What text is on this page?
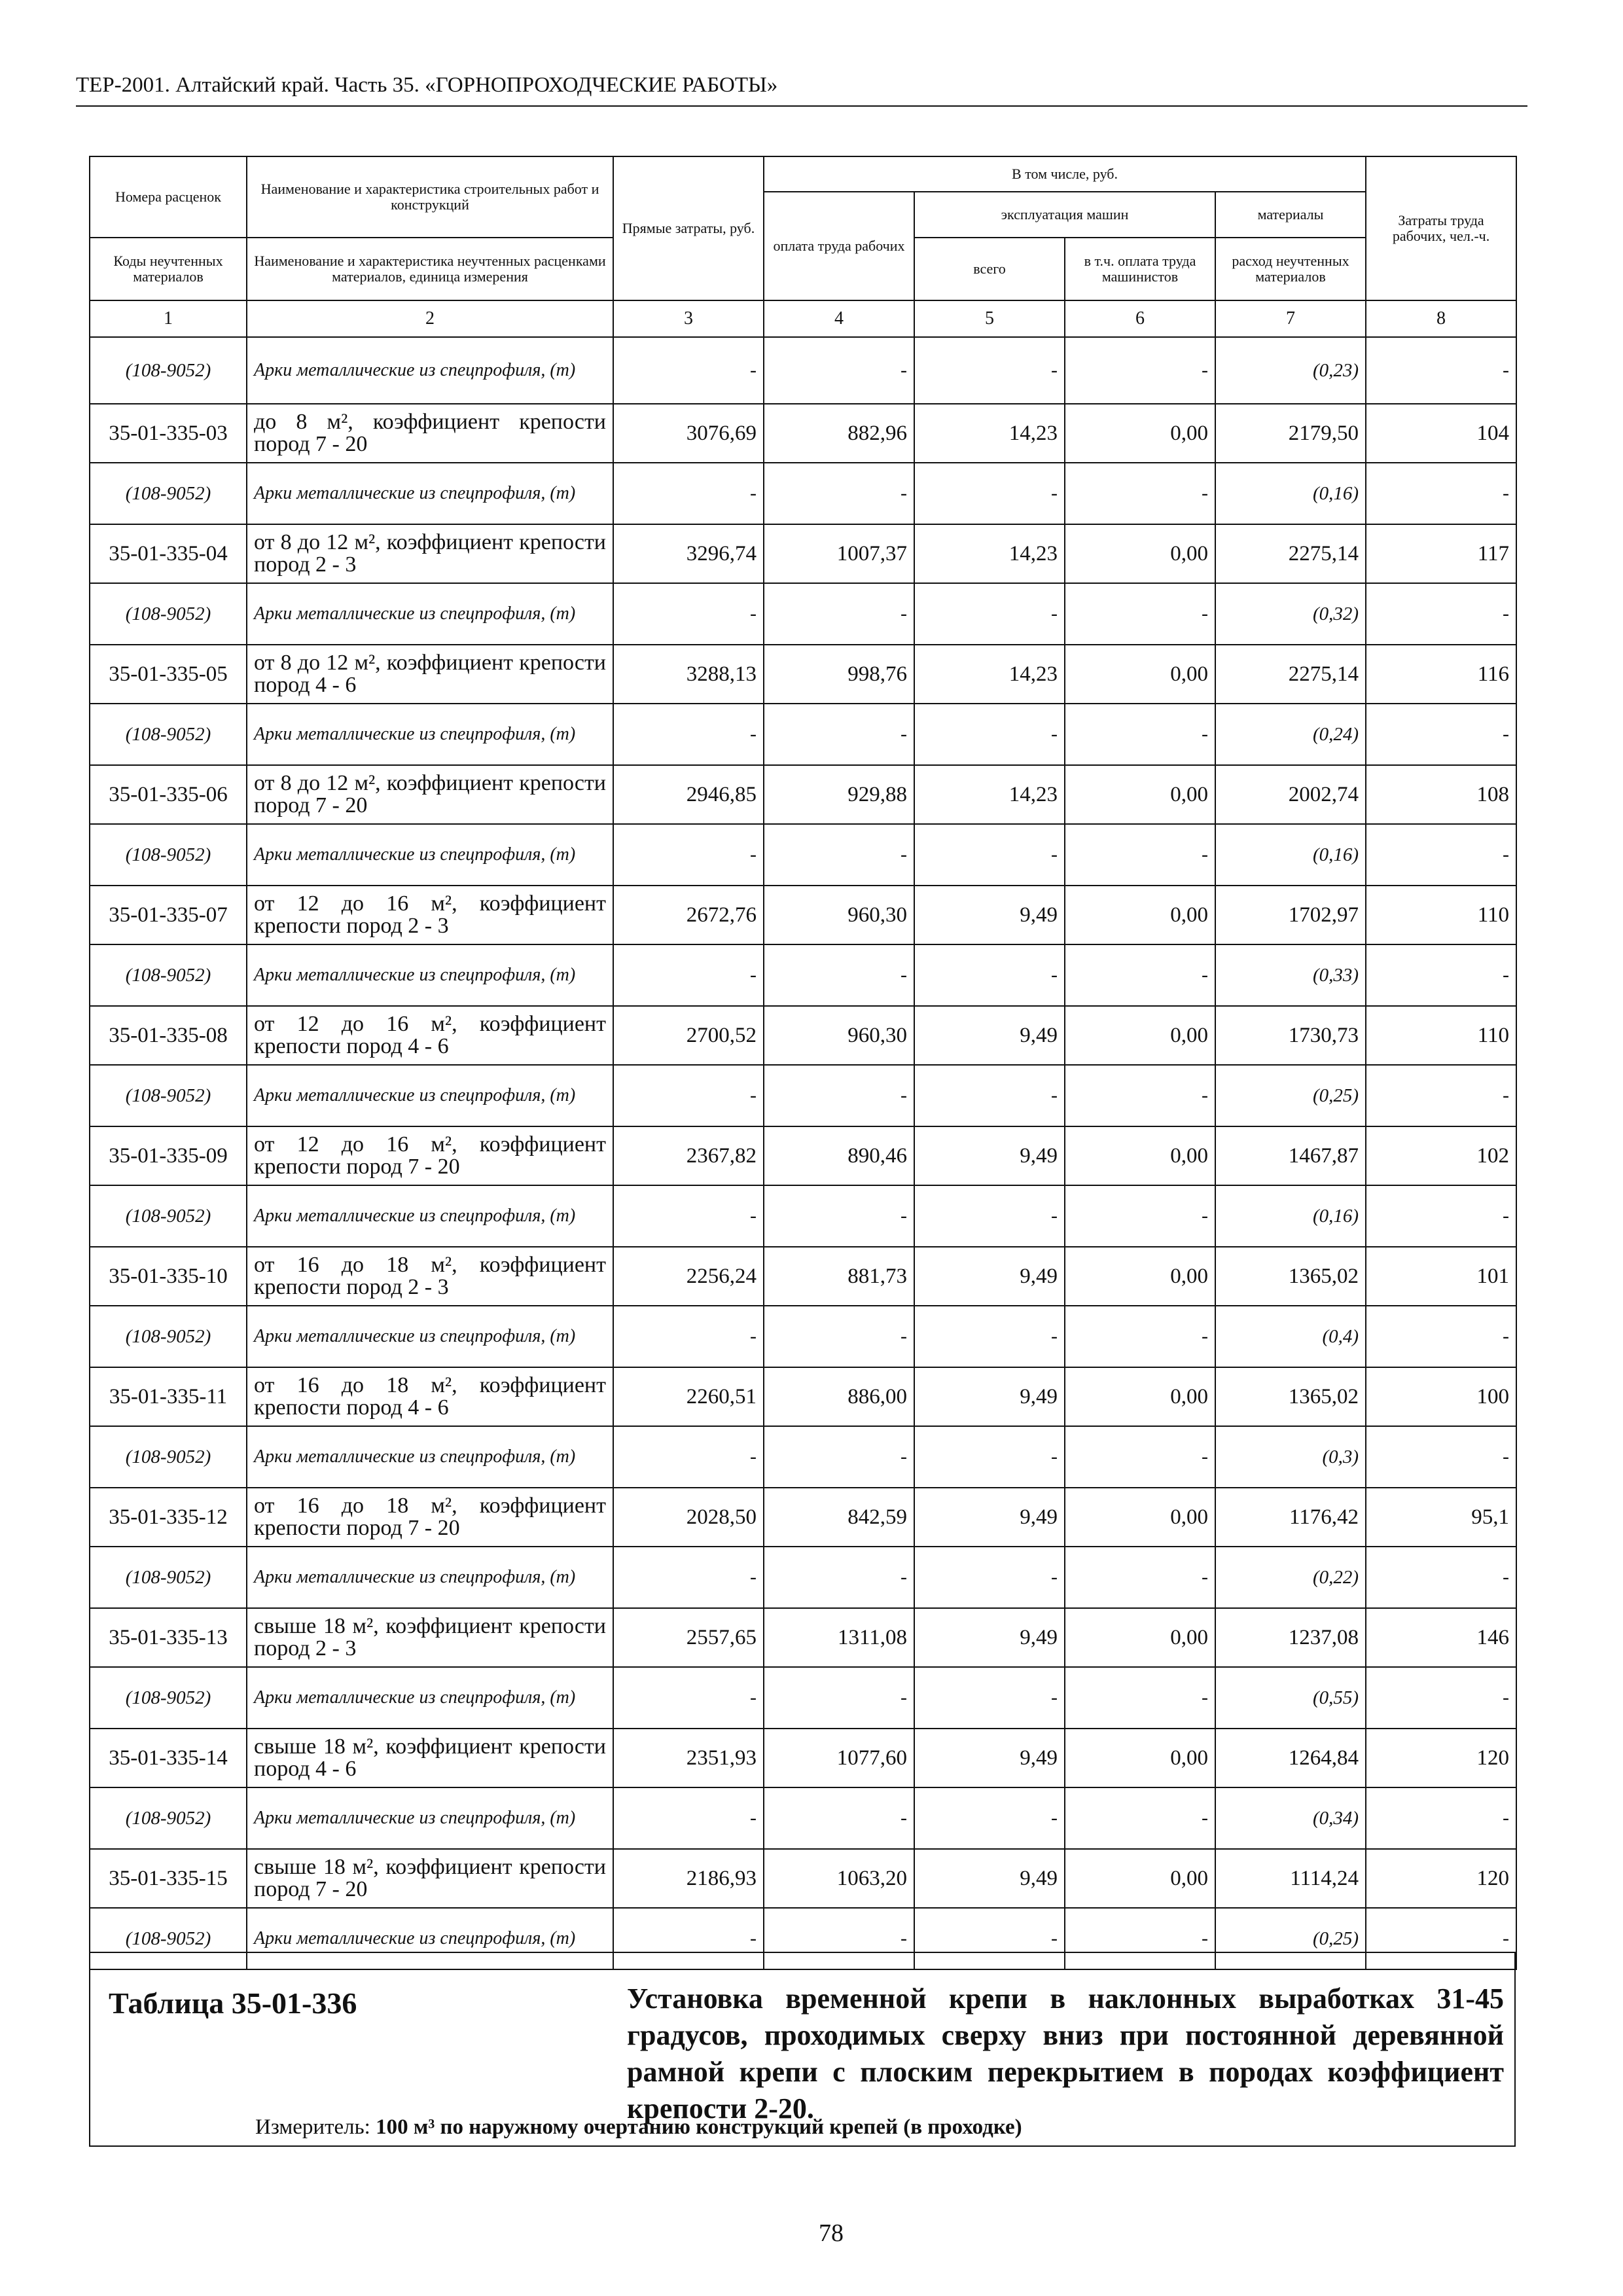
ТЕР-2001. Алтайский край. Часть 35. «ГОРНОПРОХОДЧЕСКИЕ РАБОТЫ»
Номера расценок	Наименование и характеристика строительных работ и конструкций	Прямые затраты, руб.	В том числе, руб.				Затраты труда рабочих, чел.-ч.
			оплата труда рабочих	эксплуатация машин		материалы	
Коды неучтенных материалов	Наименование и характеристика неучтенных расценками материалов, единица измерения			всего	в т.ч. оплата труда машинистов	расход неучтенных материалов	
1	2	3	4	5	6	7	8
(108-9052)	Арки металлические из спецпрофиля, (т)	-	-	-	-	(0,23)	-
35-01-335-03	до 8 м², коэффициент крепости пород 7 - 20	3076,69	882,96	14,23	0,00	2179,50	104
(108-9052)	Арки металлические из спецпрофиля, (т)	-	-	-	-	(0,16)	-
35-01-335-04	от 8 до 12 м², коэффициент крепости пород 2 - 3	3296,74	1007,37	14,23	0,00	2275,14	117
(108-9052)	Арки металлические из спецпрофиля, (т)	-	-	-	-	(0,32)	-
35-01-335-05	от 8 до 12 м², коэффициент крепости пород 4 - 6	3288,13	998,76	14,23	0,00	2275,14	116
(108-9052)	Арки металлические из спецпрофиля, (т)	-	-	-	-	(0,24)	-
35-01-335-06	от 8 до 12 м², коэффициент крепости пород 7 - 20	2946,85	929,88	14,23	0,00	2002,74	108
(108-9052)	Арки металлические из спецпрофиля, (т)	-	-	-	-	(0,16)	-
35-01-335-07	от 12 до 16 м², коэффициент крепости пород 2 - 3	2672,76	960,30	9,49	0,00	1702,97	110
(108-9052)	Арки металлические из спецпрофиля, (т)	-	-	-	-	(0,33)	-
35-01-335-08	от 12 до 16 м², коэффициент крепости пород 4 - 6	2700,52	960,30	9,49	0,00	1730,73	110
(108-9052)	Арки металлические из спецпрофиля, (т)	-	-	-	-	(0,25)	-
35-01-335-09	от 12 до 16 м², коэффициент крепости пород 7 - 20	2367,82	890,46	9,49	0,00	1467,87	102
(108-9052)	Арки металлические из спецпрофиля, (т)	-	-	-	-	(0,16)	-
35-01-335-10	от 16 до 18 м², коэффициент крепости пород 2 - 3	2256,24	881,73	9,49	0,00	1365,02	101
(108-9052)	Арки металлические из спецпрофиля, (т)	-	-	-	-	(0,4)	-
35-01-335-11	от 16 до 18 м², коэффициент крепости пород 4 - 6	2260,51	886,00	9,49	0,00	1365,02	100
(108-9052)	Арки металлические из спецпрофиля, (т)	-	-	-	-	(0,3)	-
35-01-335-12	от 16 до 18 м², коэффициент крепости пород 7 - 20	2028,50	842,59	9,49	0,00	1176,42	95,1
(108-9052)	Арки металлические из спецпрофиля, (т)	-	-	-	-	(0,22)	-
35-01-335-13	свыше 18 м², коэффициент крепости пород 2 - 3	2557,65	1311,08	9,49	0,00	1237,08	146
(108-9052)	Арки металлические из спецпрофиля, (т)	-	-	-	-	(0,55)	-
35-01-335-14	свыше 18 м², коэффициент крепости пород 4 - 6	2351,93	1077,60	9,49	0,00	1264,84	120
(108-9052)	Арки металлические из спецпрофиля, (т)	-	-	-	-	(0,34)	-
35-01-335-15	свыше 18 м², коэффициент крепости пород 7 - 20	2186,93	1063,20	9,49	0,00	1114,24	120
(108-9052)	Арки металлические из спецпрофиля, (т)	-	-	-	-	(0,25)	-
Таблица 35-01-336	Установка временной крепи в наклонных выработках 31-45 градусов, проходимых сверху вниз при постоянной деревянной рамной крепи с плоским перекрытием в породах коэффициент крепости 2-20.
Измеритель: 100 м³ по наружному очертанию конструкций крепей (в проходке)
78
